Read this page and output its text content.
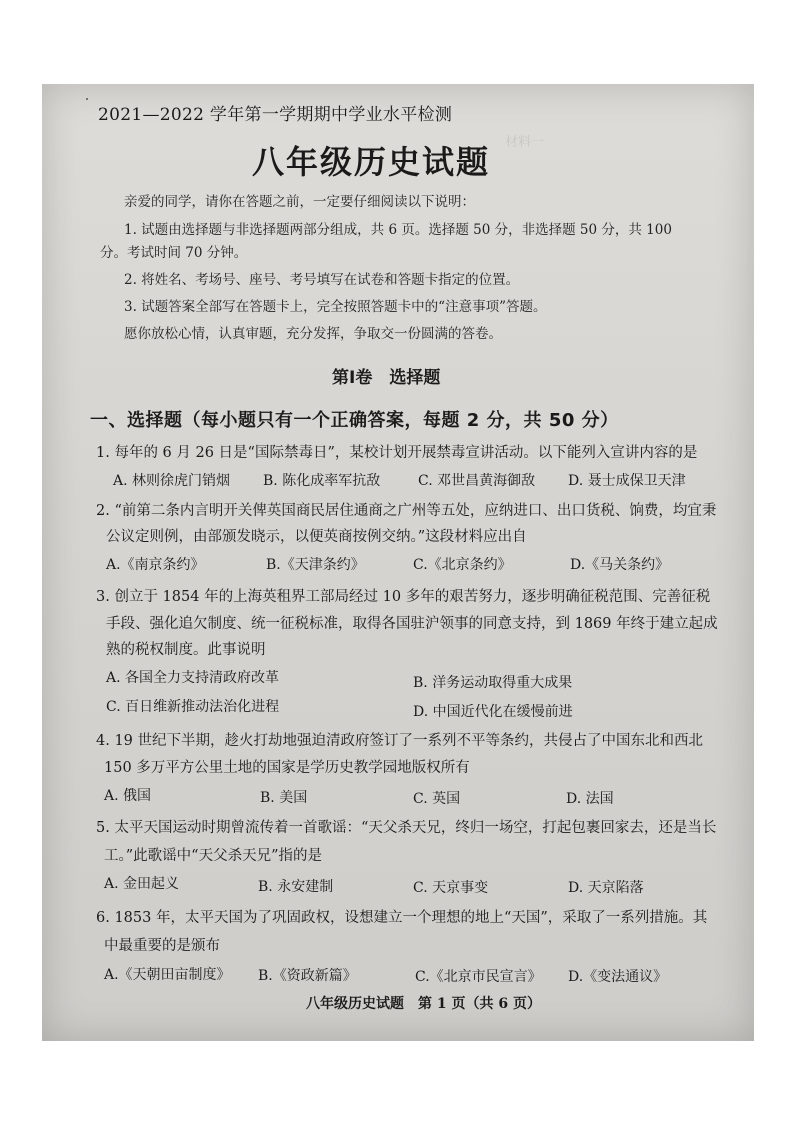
材料一　　　　　　　　　　　　　　

2021—2022 学年第一学期期中学业水平检测
八年级历史试题
亲爱的同学，请你在答题之前，一定要仔细阅读以下说明：
1. 试题由选择题与非选择题两部分组成，共 6 页。选择题 50 分，非选择题 50 分，共 100
分。考试时间 70 分钟。
2. 将姓名、考场号、座号、考号填写在试卷和答题卡指定的位置。
3. 试题答案全部写在答题卡上，完全按照答题卡中的“注意事项”答题。
愿你放松心情，认真审题，充分发挥，争取交一份圆满的答卷。
第Ⅰ卷　选择题
一、选择题（每小题只有一个正确答案，每题 2 分，共 50 分）
1. 每年的 6 月 26 日是“国际禁毒日”，某校计划开展禁毒宣讲活动。以下能列入宣讲内容的是
A. 林则徐虎门销烟 B. 陈化成率军抗敌	C. 邓世昌黄海御敌 D. 聂士成保卫天津
2. “前第二条内言明开关俾英国商民居住通商之广州等五处，应纳进口、出口货税、饷费，均宜秉
公议定则例，由部颁发晓示，以便英商按例交纳。”这段材料应出自
A.《南京条约》	B.《天津条约》	C.《北京条约》	D.《马关条约》
3. 创立于 1854 年的上海英租界工部局经过 10 多年的艰苦努力，逐步明确征税范围、完善征税
手段、强化追欠制度、统一征税标准，取得各国驻沪领事的同意支持，到 1869 年终于建立起成
熟的税权制度。此事说明
A. 各国全力支持清政府改革	B. 洋务运动取得重大成果
C. 百日维新推动法治化进程	D. 中国近代化在缓慢前进
4. 19 世纪下半期，趁火打劫地强迫清政府签订了一系列不平等条约，共侵占了中国东北和西北
150 多万平方公里土地的国家是学历史教学园地版权所有
A. 俄国	B. 美国	C. 英国	D. 法国
5. 太平天国运动时期曾流传着一首歌谣：“天父杀天兄，终归一场空，打起包裹回家去，还是当长
工。”此歌谣中“天父杀天兄”指的是
A. 金田起义	B. 永安建制	C. 天京事变	D. 天京陷落
6. 1853 年，太平天国为了巩固政权，设想建立一个理想的地上“天国”，采取了一系列措施。其
中最重要的是颁布
A.《天朝田亩制度》 B.《资政新篇》	C.《北京市民宣言》 D.《变法通议》
八年级历史试题　第 1 页（共 6 页）
